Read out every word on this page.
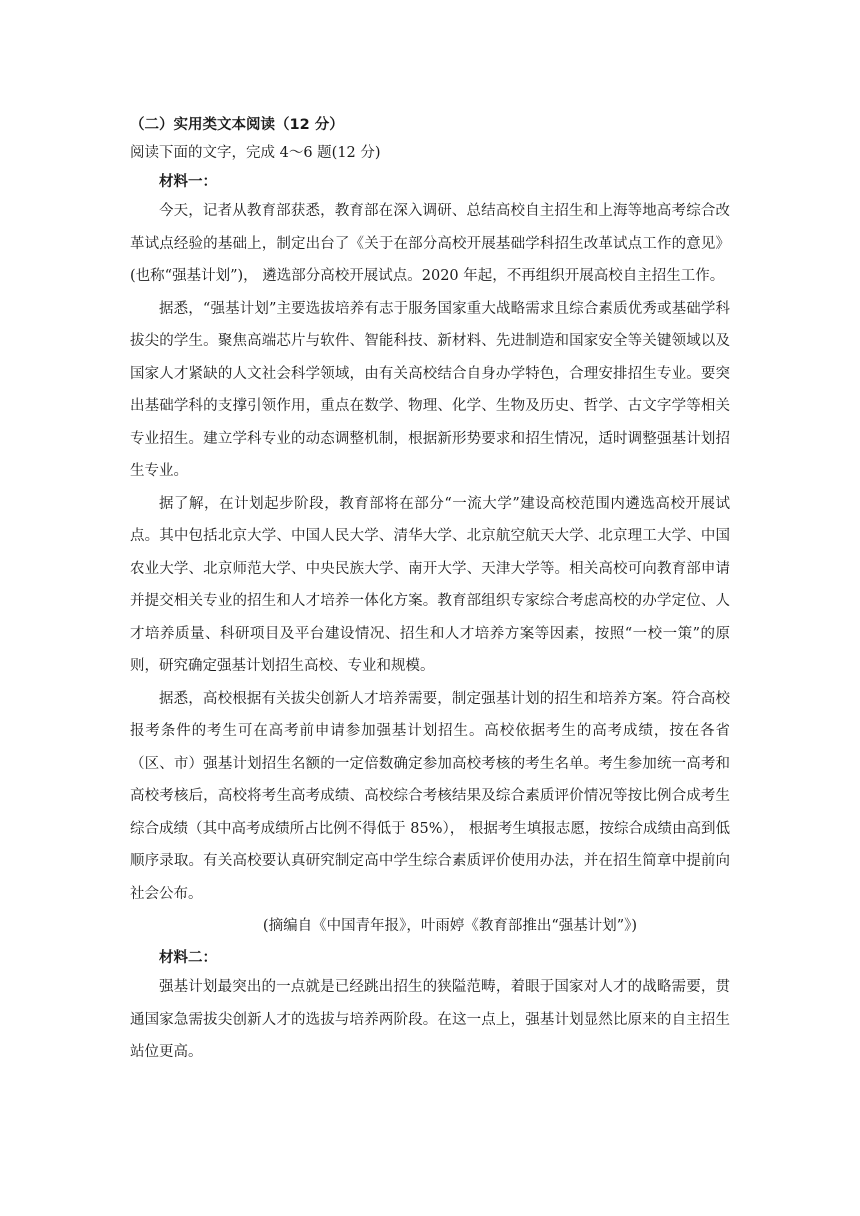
（二）实用类文本阅读（12 分）

阅读下面的文字，完成 4～6 题(12 分)

材料一：

今天，记者从教育部获悉，教育部在深入调研、总结高校自主招生和上海等地高考综合改革试点经验的基础上，制定出台了《关于在部分高校开展基础学科招生改革试点工作的意见》(也称“强基计划”)， 遴选部分高校开展试点。2020 年起，不再组织开展高校自主招生工作。

据悉，“强基计划”主要选拔培养有志于服务国家重大战略需求且综合素质优秀或基础学科拔尖的学生。聚焦高端芯片与软件、智能科技、新材料、先进制造和国家安全等关键领域以及国家人才紧缺的人文社会科学领域，由有关高校结合自身办学特色，合理安排招生专业。要突出基础学科的支撑引领作用，重点在数学、物理、化学、生物及历史、哲学、古文字学等相关专业招生。建立学科专业的动态调整机制，根据新形势要求和招生情况，适时调整强基计划招生专业。

据了解，在计划起步阶段，教育部将在部分“一流大学”建设高校范围内遴选高校开展试点。其中包括北京大学、中国人民大学、清华大学、北京航空航天大学、北京理工大学、中国农业大学、北京师范大学、中央民族大学、南开大学、天津大学等。相关高校可向教育部申请并提交相关专业的招生和人才培养一体化方案。教育部组织专家综合考虑高校的办学定位、人才培养质量、科研项目及平台建设情况、招生和人才培养方案等因素，按照“一校一策”的原则，研究确定强基计划招生高校、专业和规模。

据悉，高校根据有关拔尖创新人才培养需要，制定强基计划的招生和培养方案。符合高校报考条件的考生可在高考前申请参加强基计划招生。高校依据考生的高考成绩，按在各省（区、市）强基计划招生名额的一定倍数确定参加高校考核的考生名单。考生参加统一高考和高校考核后，高校将考生高考成绩、高校综合考核结果及综合素质评价情况等按比例合成考生综合成绩（其中高考成绩所占比例不得低于 85%）， 根据考生填报志愿，按综合成绩由高到低顺序录取。有关高校要认真研究制定高中学生综合素质评价使用办法，并在招生简章中提前向社会公布。

(摘编自《中国青年报》，叶雨婷《教育部推出“强基计划”》)

材料二：

强基计划最突出的一点就是已经跳出招生的狭隘范畴，着眼于国家对人才的战略需要，贯通国家急需拔尖创新人才的选拔与培养两阶段。在这一点上，强基计划显然比原来的自主招生站位更高。
